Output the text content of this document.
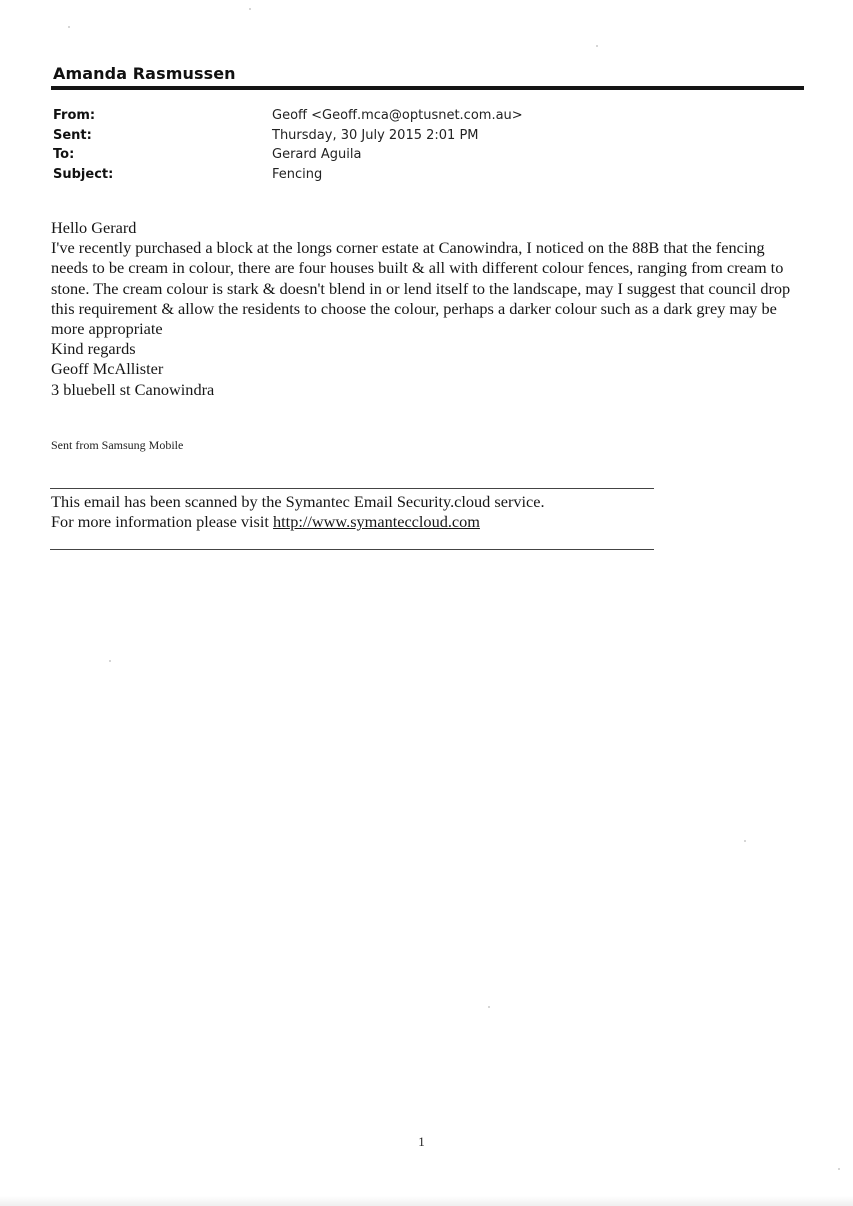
Amanda Rasmussen
From:	Geoff <Geoff.mca@optusnet.com.au>
Sent:	Thursday, 30 July 2015 2:01 PM
To:	Gerard Aguila
Subject:	Fencing

Hello Gerard

I've recently purchased a block at the longs corner estate at Canowindra, I noticed on the 88B that the fencing needs to be cream in colour, there are four houses built & all with different colour fences, ranging from cream to stone. The cream colour is stark & doesn't blend in or lend itself to the landscape, may I suggest that council drop this requirement & allow the residents to choose the colour, perhaps a darker colour such as a dark grey may be more appropriate

Kind regards

Geoff McAllister

3 bluebell st Canowindra

Sent from Samsung Mobile

This email has been scanned by the Symantec Email Security.cloud service.

For more information please visit http://www.symanteccloud.com

1
